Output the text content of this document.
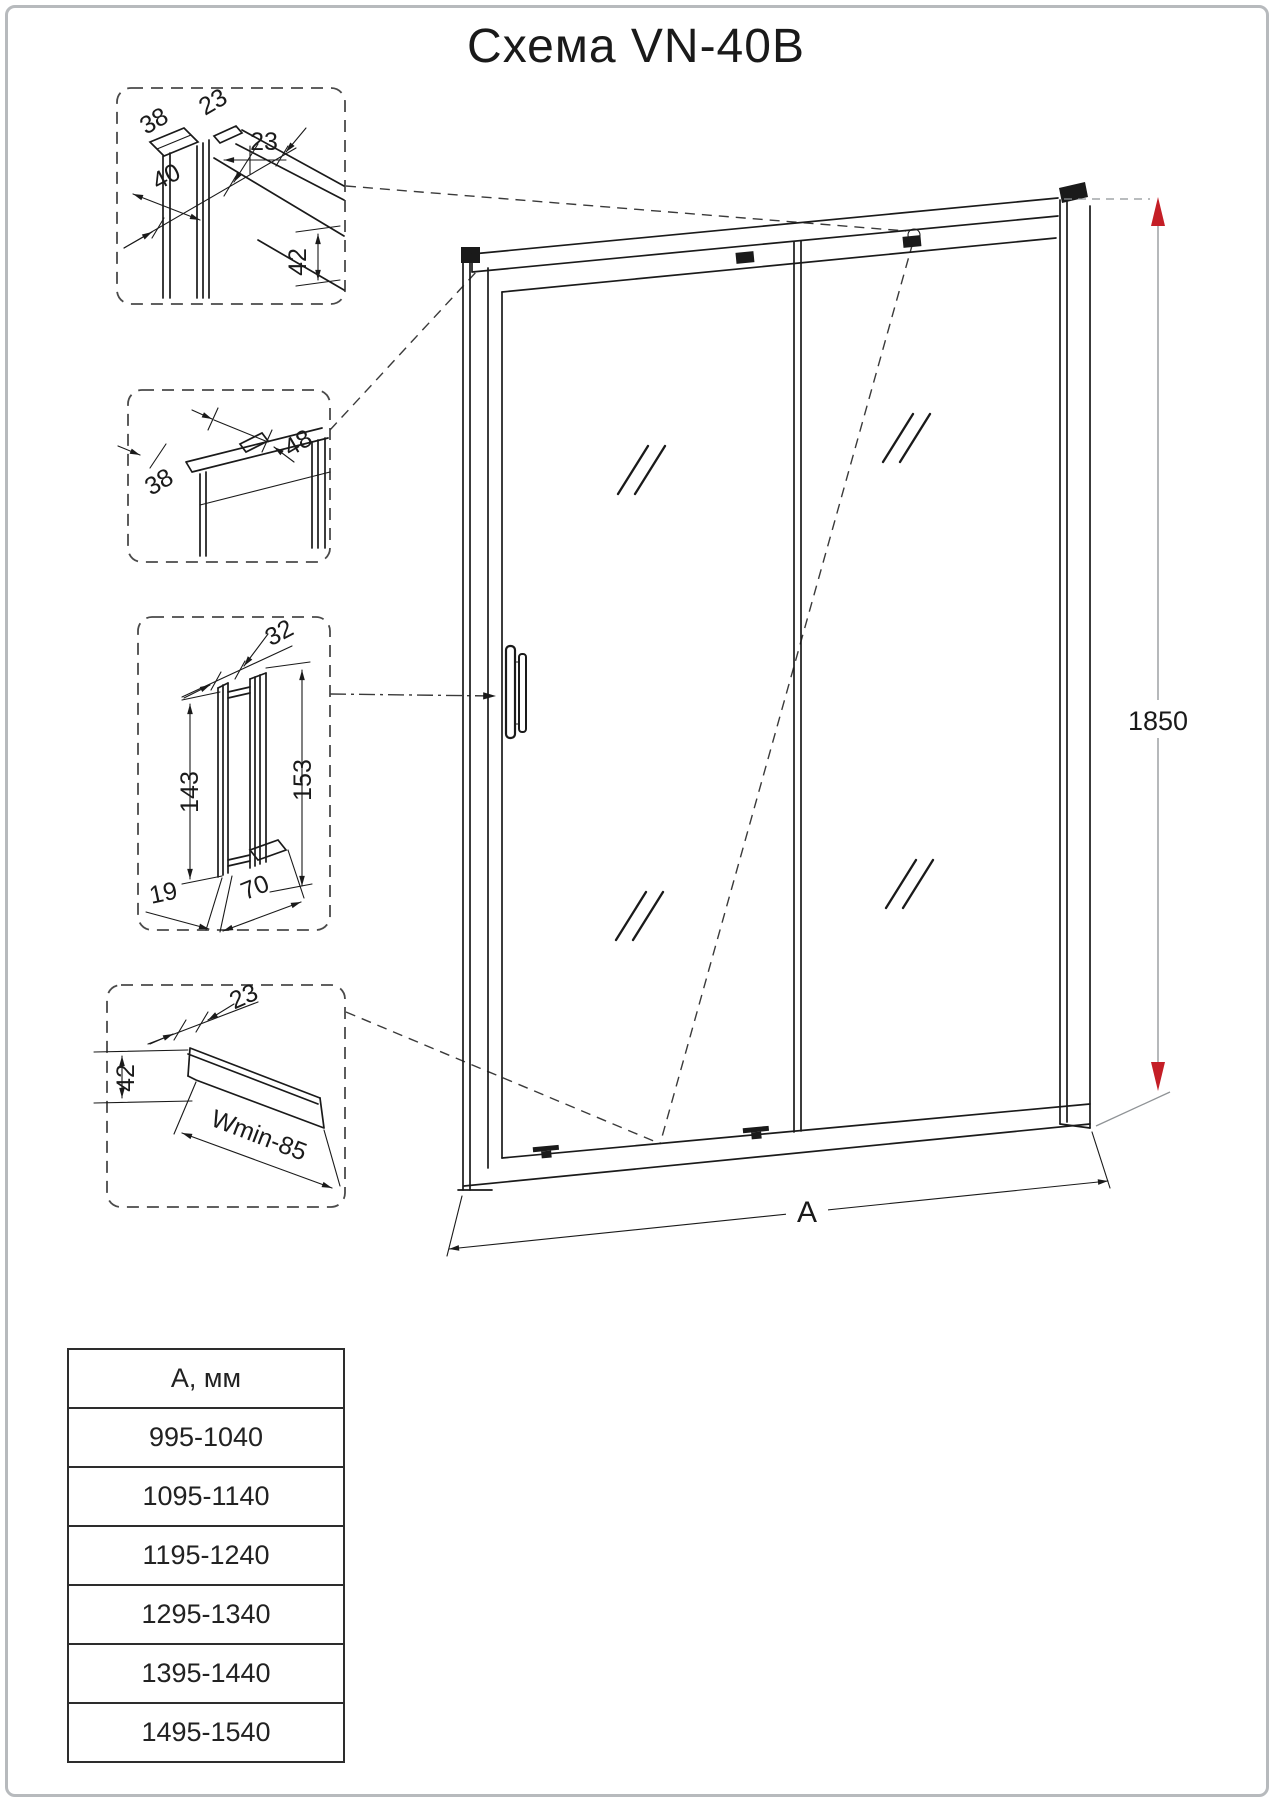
Схема VN-40B
38 23
23
40
42
38
48
32
143	153
19 70
23
42
Wmin-85
1850
A
А, мм
995-1040
1095-1140
1195-1240
1295-1340
1395-1440
1495-1540
